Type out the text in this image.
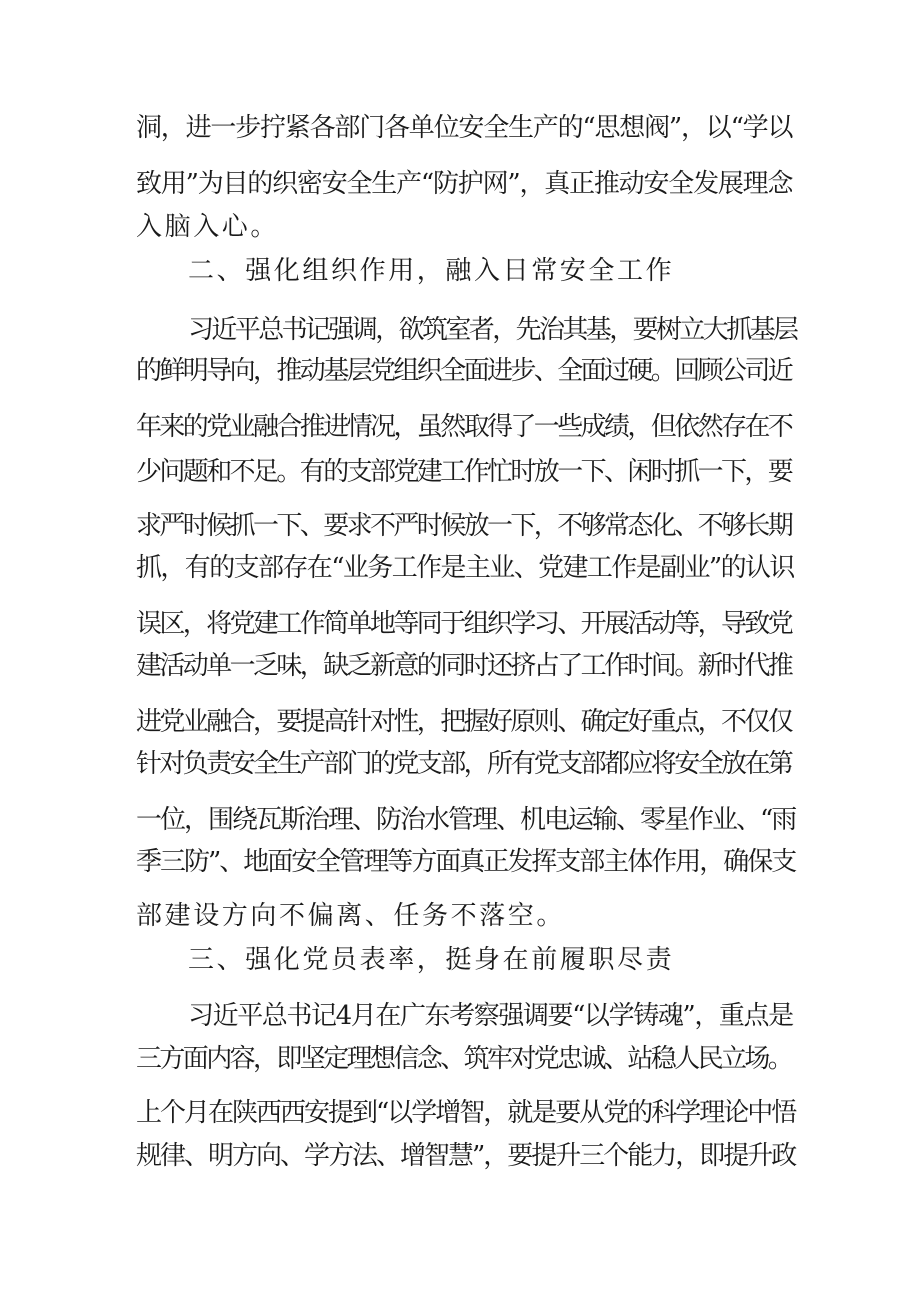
洞，进一步拧紧各部门各单位安全生产的“思想阀”，以“学以
致用”为目的织密安全生产“防护网”，真正推动安全发展理念
入脑入心。
二、强化组织作用，融入日常安全工作
习近平总书记强调，欲筑室者，先治其基，要树立大抓基层
的鲜明导向，推动基层党组织全面进步、全面过硬。回顾公司近
年来的党业融合推进情况，虽然取得了一些成绩，但依然存在不
少问题和不足。有的支部党建工作忙时放一下、闲时抓一下，要
求严时候抓一下、要求不严时候放一下，不够常态化、不够长期
抓，有的支部存在“业务工作是主业、党建工作是副业”的认识
误区，将党建工作简单地等同于组织学习、开展活动等，导致党
建活动单一乏味，缺乏新意的同时还挤占了工作时间。新时代推
进党业融合，要提高针对性，把握好原则、确定好重点，不仅仅
针对负责安全生产部门的党支部，所有党支部都应将安全放在第
一位，围绕瓦斯治理、防治水管理、机电运输、零星作业、“雨
季三防”、地面安全管理等方面真正发挥支部主体作用，确保支
部建设方向不偏离、任务不落空。
三、强化党员表率，挺身在前履职尽责
习近平总书记4月在广东考察强调要“以学铸魂”，重点是
三方面内容，即坚定理想信念、筑牢对党忠诚、站稳人民立场。
上个月在陕西西安提到“以学增智，就是要从党的科学理论中悟
规律、明方向、学方法、增智慧”，要提升三个能力，即提升政
